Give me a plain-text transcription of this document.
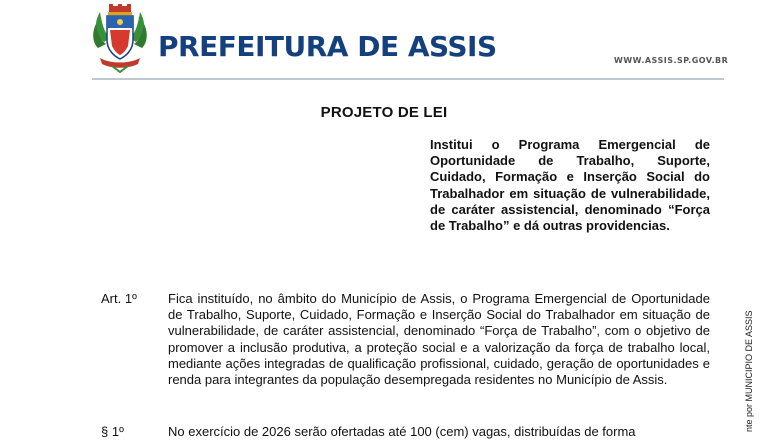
PREFEITURA DE ASSIS	WWW.ASSIS.SP.GOV.BR
PROJETO DE LEI
Institui o Programa Emergencial de Oportunidade de Trabalho, Suporte, Cuidado, Formação e Inserção Social do Trabalhador em situação de vulnerabilidade, de caráter assistencial, denominado “Força de Trabalho” e dá outras providencias.
Art. 1º Fica instituído, no âmbito do Município de Assis, o Programa Emergencial de Oportunidade de Trabalho, Suporte, Cuidado, Formação e Inserção Social do Trabalhador em situação de vulnerabilidade, de caráter assistencial, denominado “Força de Trabalho”, com o objetivo de promover a inclusão produtiva, a proteção social e a valorização da força de trabalho local, mediante ações integradas de qualificação profissional, cuidado, geração de oportunidades e renda para integrantes da população desempregada residentes no Município de Assis.
§ 1º	No exercício de 2026 serão ofertadas até 100 (cem) vagas, distribuídas de forma	nte por MUNICIPIO DE ASSIS
